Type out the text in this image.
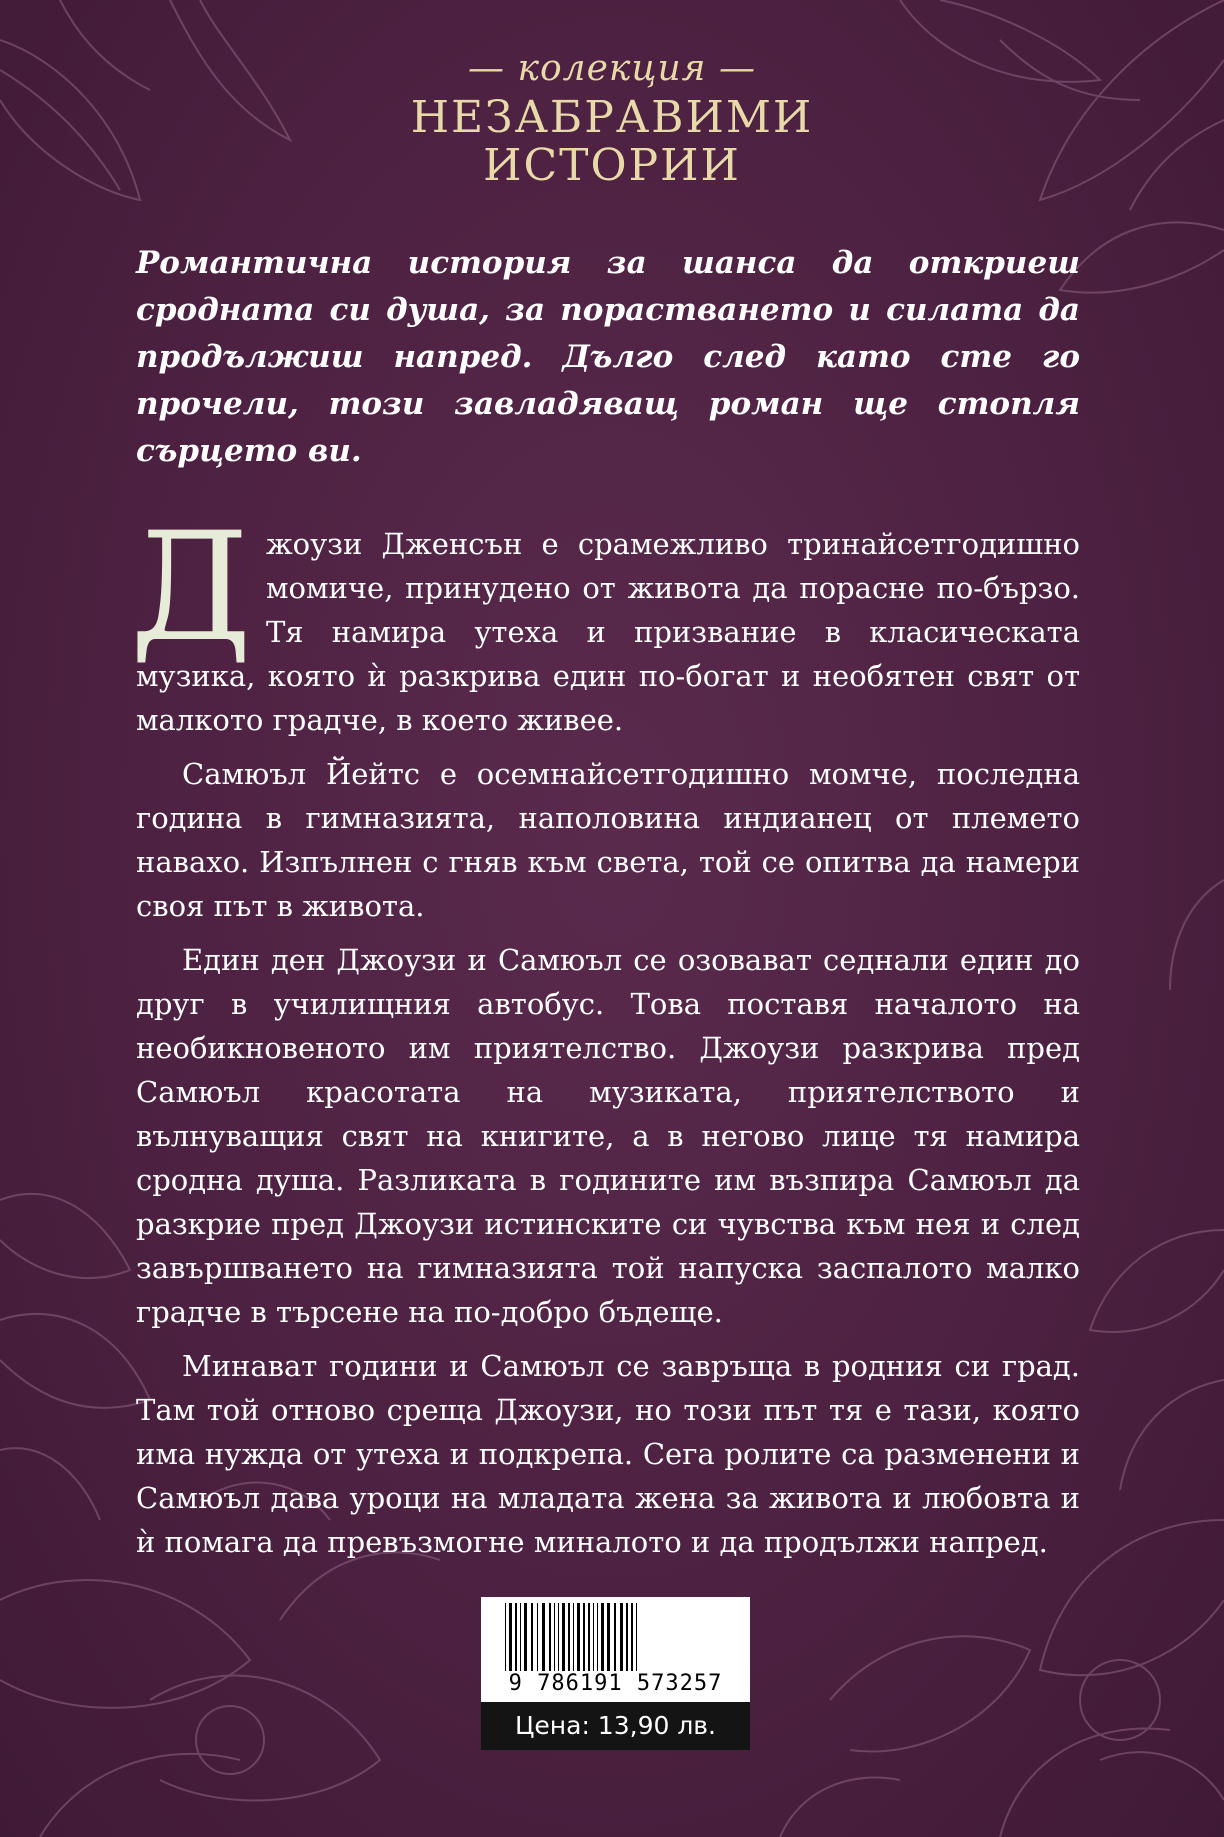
— колекция —
НЕЗАБРАВИМИ
ИСТОРИИ

Романтична история за шанса да откриеш сродната си душа, за порастването и силата да продължиш напред. Дълго след като сте го прочели, този завладяващ роман ще стопля сърцето ви.

Джоузи Дженсън е срамежливо тринайсетгодишно момиче, принудено от живота да порасне по-бързо. Тя намира утеха и призвание в класическата музика, която ѝ разкрива един по-богат и необятен свят от малкото градче, в което живее.

Самюъл Йейтс е осемнайсетгодишно момче, последна година в гимназията, наполовина индианец от племето навахо. Изпълнен с гняв към света, той се опитва да намери своя път в живота.

Един ден Джоузи и Самюъл се озовават седнали един до друг в училищния автобус. Това поставя началото на необикновеното им приятелство. Джоузи разкрива пред Самюъл красотата на музиката, приятелството и вълнуващия свят на книгите, а в негово лице тя намира сродна душа. Разликата в годините им възпира Самюъл да разкрие пред Джоузи истинските си чувства към нея и след завършването на гимназията той напуска заспалото малко градче в търсене на по-добро бъдеще.

Минават години и Самюъл се завръща в родния си град. Там той отново среща Джоузи, но този път тя е тази, която има нужда от утеха и подкрепа. Сега ролите са разменени и Самюъл дава уроци на младата жена за живота и любовта и ѝ помага да превъзмогне миналото и да продължи напред.

9 786191 573257
Цена: 13,90 лв.
